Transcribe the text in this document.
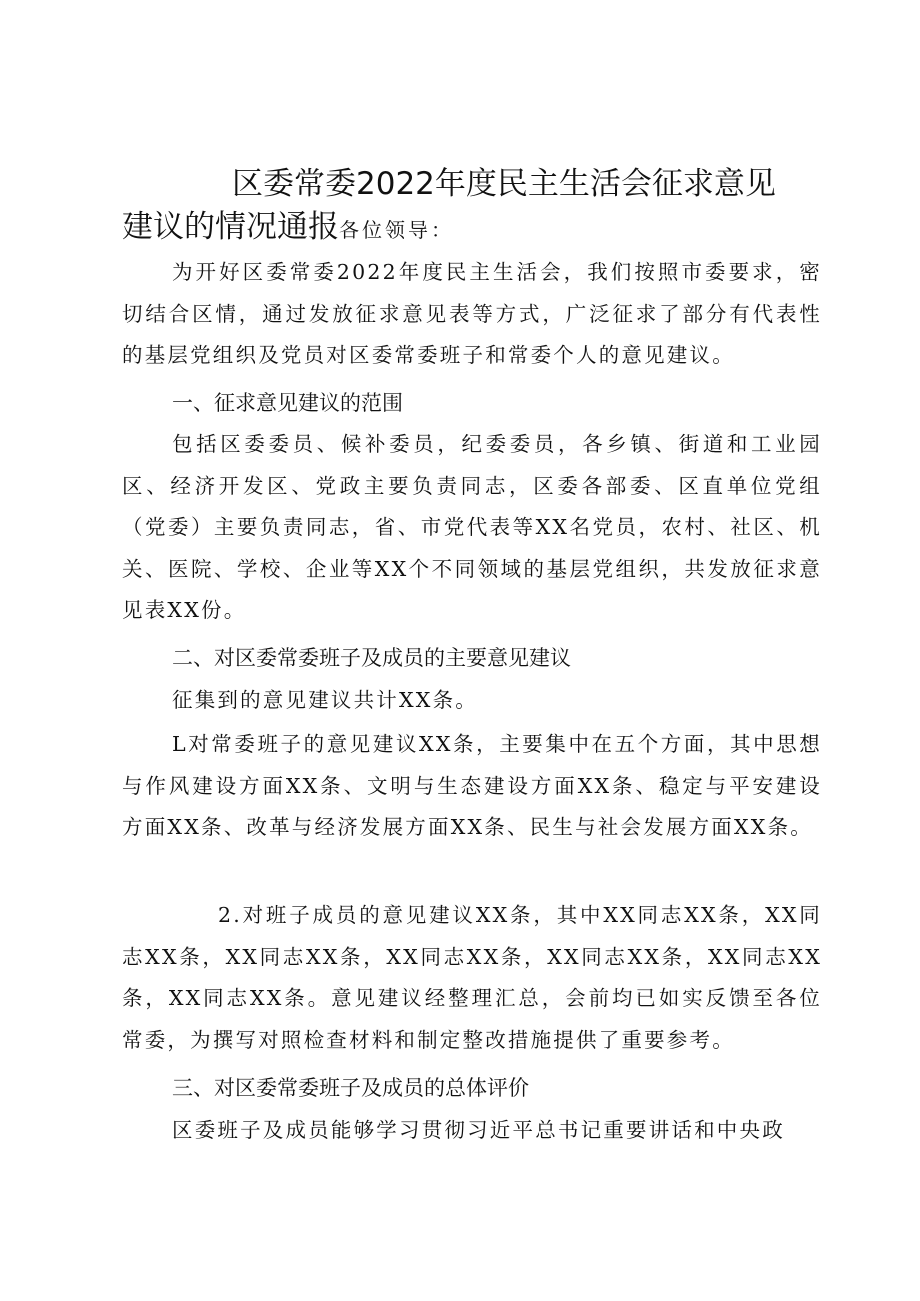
区委常委2022年度民主生活会征求意见
建议的情况通报各位领导：

为开好区委常委2022年度民主生活会，我们按照市委要求，密切结合区情，通过发放征求意见表等方式，广泛征求了部分有代表性的基层党组织及党员对区委常委班子和常委个人的意见建议。

一、征求意见建议的范围

包括区委委员、候补委员，纪委委员，各乡镇、街道和工业园区、经济开发区、党政主要负责同志，区委各部委、区直单位党组（党委）主要负责同志，省、市党代表等XX名党员，农村、社区、机关、医院、学校、企业等XX个不同领域的基层党组织，共发放征求意见表XX份。

二、对区委常委班子及成员的主要意见建议

征集到的意见建议共计XX条。

L对常委班子的意见建议XX条，主要集中在五个方面，其中思想与作风建设方面XX条、文明与生态建设方面XX条、稳定与平安建设方面XX条、改革与经济发展方面XX条、民生与社会发展方面XX条。

2.对班子成员的意见建议XX条，其中XX同志XX条，XX同志XX条，XX同志XX条，XX同志XX条，XX同志XX条，XX同志XX条，XX同志XX条。意见建议经整理汇总，会前均已如实反馈至各位常委，为撰写对照检查材料和制定整改措施提供了重要参考。

三、对区委常委班子及成员的总体评价

区委班子及成员能够学习贯彻习近平总书记重要讲话和中央政
